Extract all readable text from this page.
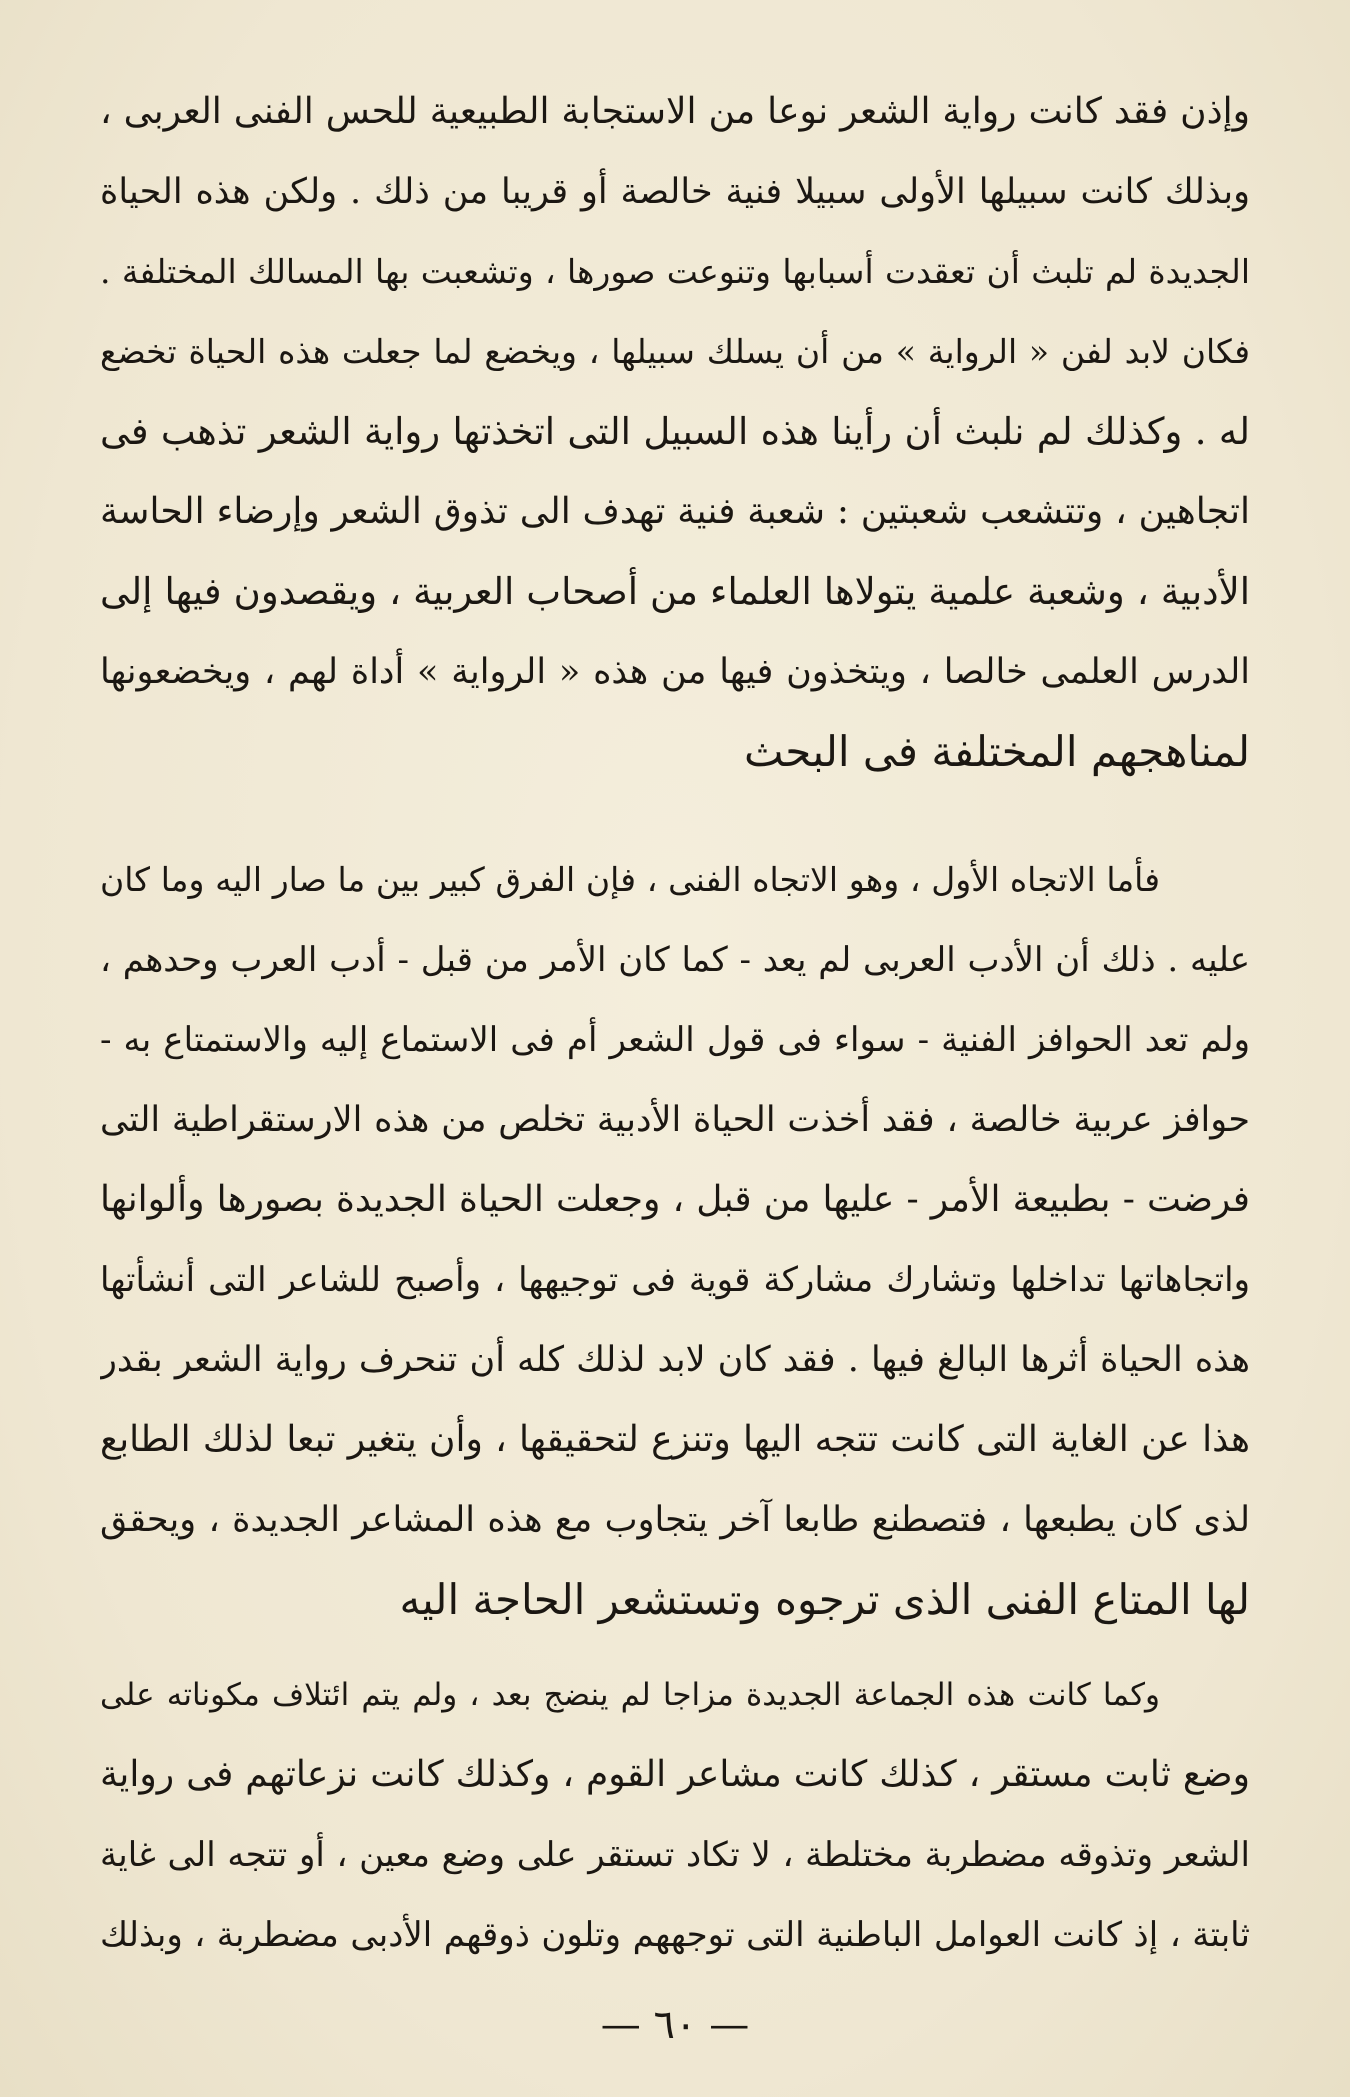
وإذن فقد كانت رواية الشعر نوعا من الاستجابة الطبيعية للحس الفنى العربى ،
وبذلك كانت سبيلها الأولى سبيلا فنية خالصة أو قريبا من ذلك . ولكن هذه الحياة
الجديدة لم تلبث أن تعقدت أسبابها وتنوعت صورها ، وتشعبت بها المسالك المختلفة .
فكان لابد لفن « الرواية » من أن يسلك سبيلها ، ويخضع لما جعلت هذه الحياة تخضع
له . وكذلك لم نلبث أن رأينا هذه السبيل التى اتخذتها رواية الشعر تذهب فى
اتجاهين ، وتتشعب شعبتين : شعبة فنية تهدف الى تذوق الشعر وإرضاء الحاسة
الأدبية ، وشعبة علمية يتولاها العلماء من أصحاب العربية ، ويقصدون فيها إلى
الدرس العلمى خالصا ، ويتخذون فيها من هذه « الرواية » أداة لهم ، ويخضعونها
لمناهجهم المختلفة فى البحث
فأما الاتجاه الأول ، وهو الاتجاه الفنى ، فإن الفرق كبير بين ما صار اليه وما كان
عليه . ذلك أن الأدب العربى لم يعد - كما كان الأمر من قبل - أدب العرب وحدهم ،
ولم تعد الحوافز الفنية - سواء فى قول الشعر أم فى الاستماع إليه والاستمتاع به -
حوافز عربية خالصة ، فقد أخذت الحياة الأدبية تخلص من هذه الارستقراطية التى
فرضت - بطبيعة الأمر - عليها من قبل ، وجعلت الحياة الجديدة بصورها وألوانها
واتجاهاتها تداخلها وتشارك مشاركة قوية فى توجيهها ، وأصبح للشاعر التى أنشأتها
هذه الحياة أثرها البالغ فيها . فقد كان لابد لذلك كله أن تنحرف رواية الشعر بقدر
هذا عن الغاية التى كانت تتجه اليها وتنزع لتحقيقها ، وأن يتغير تبعا لذلك الطابع
لذى كان يطبعها ، فتصطنع طابعا آخر يتجاوب مع هذه المشاعر الجديدة ، ويحقق
لها المتاع الفنى الذى ترجوه وتستشعر الحاجة اليه
وكما كانت هذه الجماعة الجديدة مزاجا لم ينضج بعد ، ولم يتم ائتلاف مكوناته على
وضع ثابت مستقر ، كذلك كانت مشاعر القوم ، وكذلك كانت نزعاتهم فى رواية
الشعر وتذوقه مضطربة مختلطة ، لا تكاد تستقر على وضع معين ، أو تتجه الى غاية
ثابتة ، إذ كانت العوامل الباطنية التى توجههم وتلون ذوقهم الأدبى مضطربة ، وبذلك
— ٦٠ —
